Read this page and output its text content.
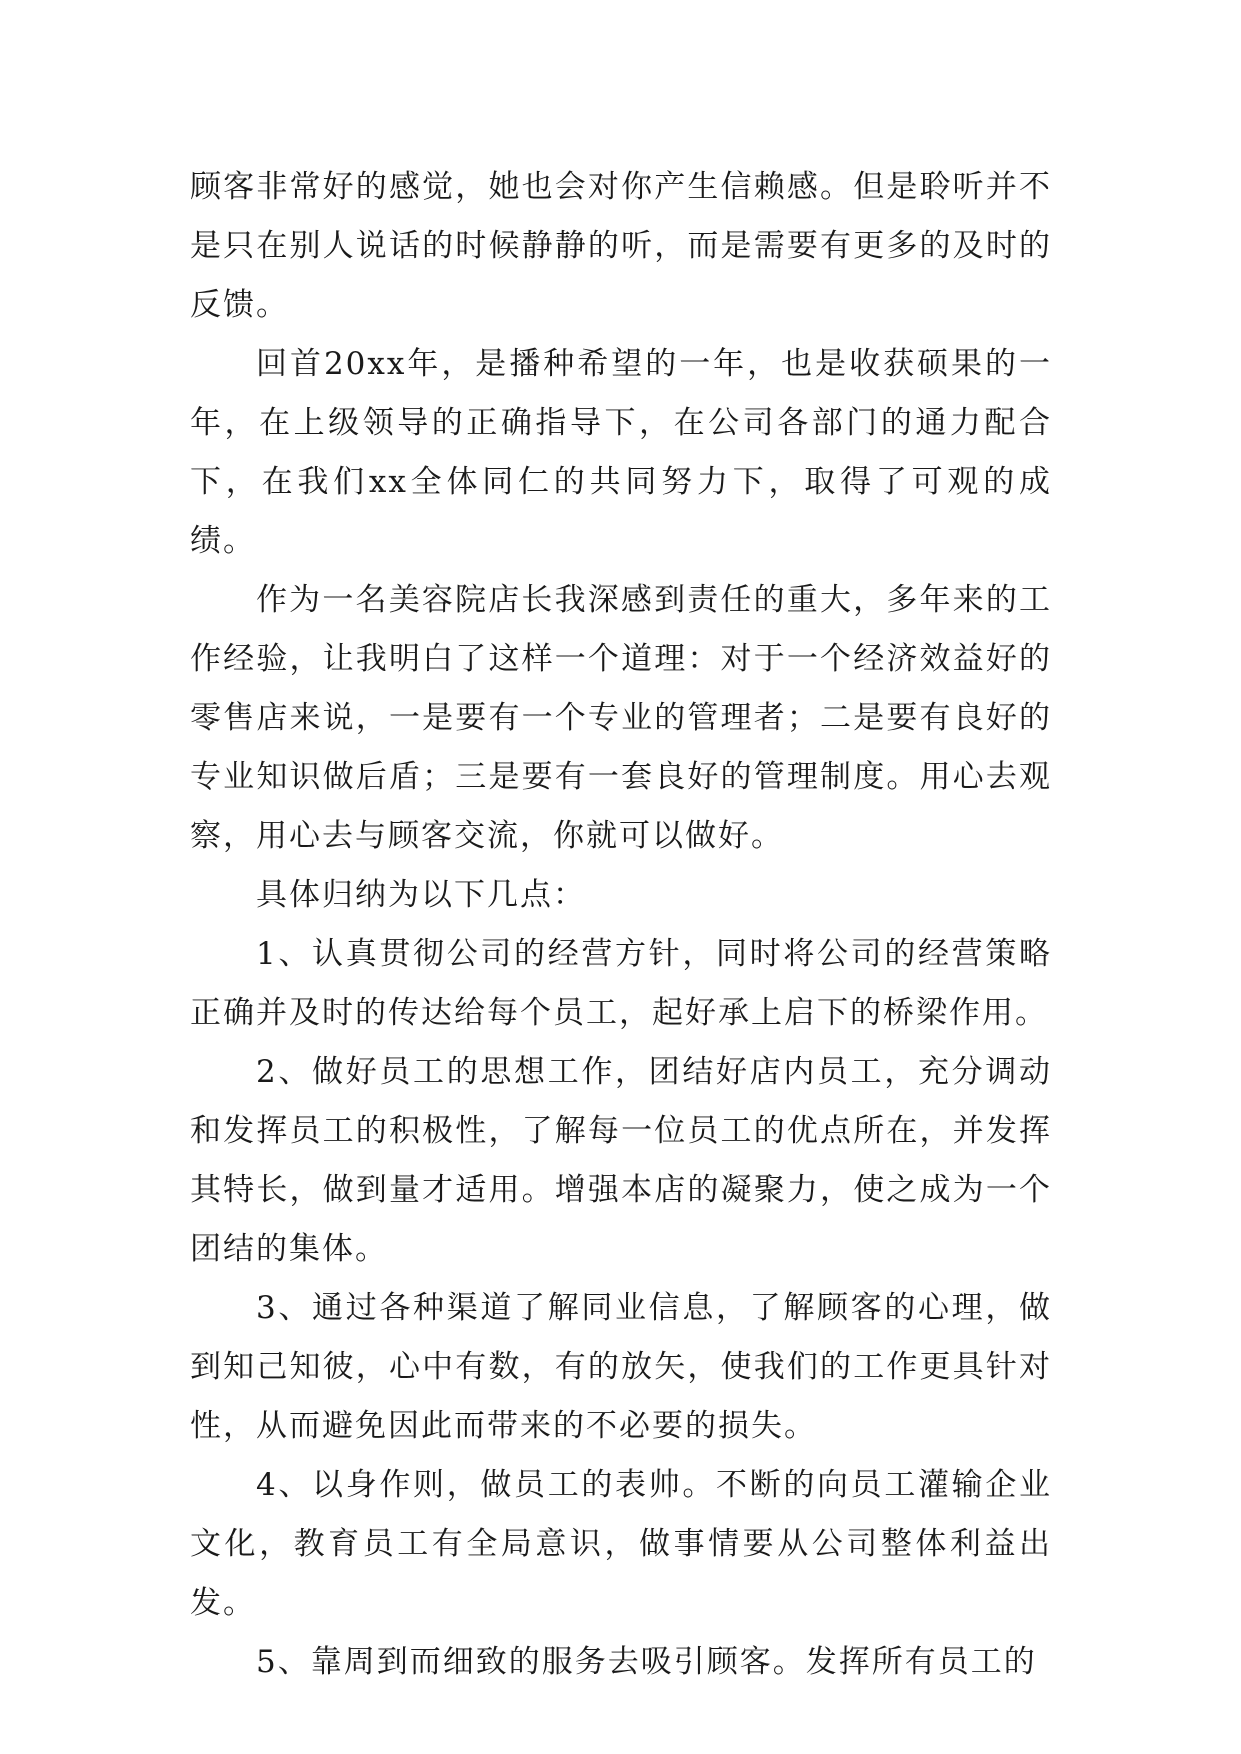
顾客非常好的感觉，她也会对你产生信赖感。但是聆听并不是只在别人说话的时候静静的听，而是需要有更多的及时的反馈。

回首20xx年，是播种希望的一年，也是收获硕果的一年，在上级领导的正确指导下，在公司各部门的通力配合下，在我们xx全体同仁的共同努力下，取得了可观的成绩。

作为一名美容院店长我深感到责任的重大，多年来的工作经验，让我明白了这样一个道理：对于一个经济效益好的零售店来说，一是要有一个专业的管理者；二是要有良好的专业知识做后盾；三是要有一套良好的管理制度。用心去观察，用心去与顾客交流，你就可以做好。

具体归纳为以下几点：

1、认真贯彻公司的经营方针，同时将公司的经营策略正确并及时的传达给每个员工，起好承上启下的桥梁作用。

2、做好员工的思想工作，团结好店内员工，充分调动和发挥员工的积极性，了解每一位员工的优点所在，并发挥其特长，做到量才适用。增强本店的凝聚力，使之成为一个团结的集体。

3、通过各种渠道了解同业信息，了解顾客的心理，做到知己知彼，心中有数，有的放矢，使我们的工作更具针对性，从而避免因此而带来的不必要的损失。

4、以身作则，做员工的表帅。不断的向员工灌输企业文化，教育员工有全局意识，做事情要从公司整体利益出发。

5、靠周到而细致的服务去吸引顾客。发挥所有员工的
